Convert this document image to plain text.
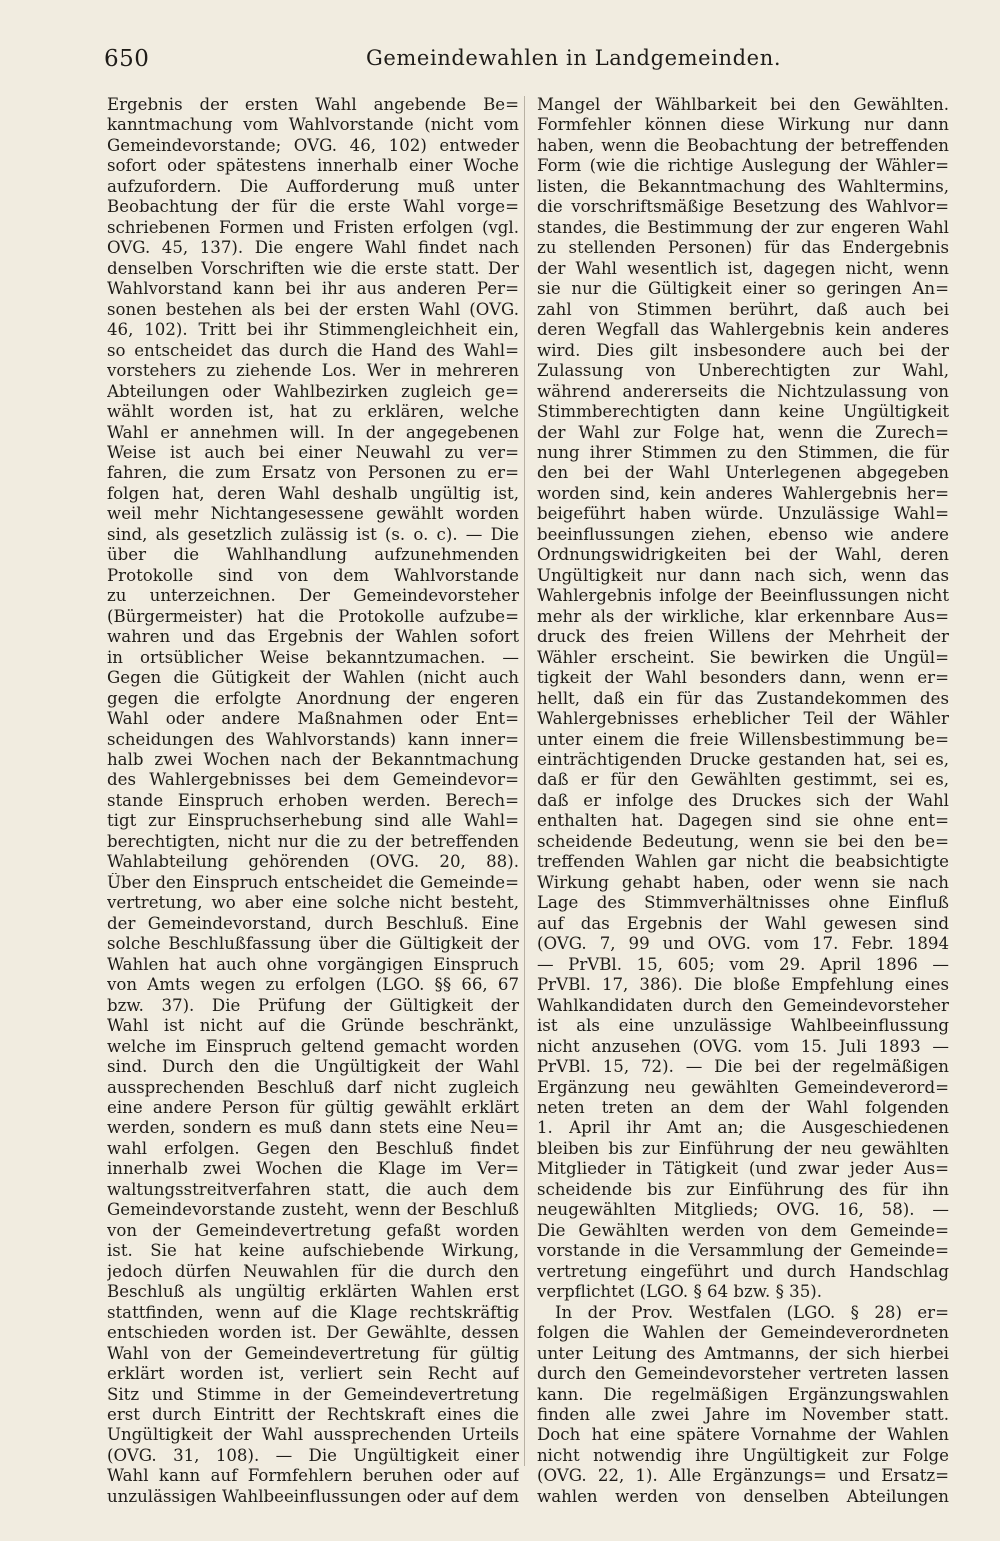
650	Gemeindewahlen in Landgemeinden.
Ergebnis der ersten Wahl angebende Be=
kanntmachung vom Wahlvorstande (nicht vom
Gemeindevorstande; OVG. 46, 102) entweder
sofort oder spätestens innerhalb einer Woche
aufzufordern. Die Aufforderung muß unter
Beobachtung der für die erste Wahl vorge=
schriebenen Formen und Fristen erfolgen (vgl.
OVG. 45, 137). Die engere Wahl findet nach
denselben Vorschriften wie die erste statt. Der
Wahlvorstand kann bei ihr aus anderen Per=
sonen bestehen als bei der ersten Wahl (OVG.
46, 102). Tritt bei ihr Stimmengleichheit ein,
so entscheidet das durch die Hand des Wahl=
vorstehers zu ziehende Los. Wer in mehreren
Abteilungen oder Wahlbezirken zugleich ge=
wählt worden ist, hat zu erklären, welche
Wahl er annehmen will. In der angegebenen
Weise ist auch bei einer Neuwahl zu ver=
fahren, die zum Ersatz von Personen zu er=
folgen hat, deren Wahl deshalb ungültig ist,
weil mehr Nichtangesessene gewählt worden
sind, als gesetzlich zulässig ist (s. o. c). — Die
über die Wahlhandlung aufzunehmenden
Protokolle sind von dem Wahlvorstande
zu unterzeichnen. Der Gemeindevorsteher
(Bürgermeister) hat die Protokolle aufzube=
wahren und das Ergebnis der Wahlen sofort
in ortsüblicher Weise bekanntzumachen. —
Gegen die Gütigkeit der Wahlen (nicht auch
gegen die erfolgte Anordnung der engeren
Wahl oder andere Maßnahmen oder Ent=
scheidungen des Wahlvorstands) kann inner=
halb zwei Wochen nach der Bekanntmachung
des Wahlergebnisses bei dem Gemeindevor=
stande Einspruch erhoben werden. Berech=
tigt zur Einspruchserhebung sind alle Wahl=
berechtigten, nicht nur die zu der betreffenden
Wahlabteilung gehörenden (OVG. 20, 88).
Über den Einspruch entscheidet die Gemeinde=
vertretung, wo aber eine solche nicht besteht,
der Gemeindevorstand, durch Beschluß. Eine
solche Beschlußfassung über die Gültigkeit der
Wahlen hat auch ohne vorgängigen Einspruch
von Amts wegen zu erfolgen (LGO. §§ 66, 67
bzw. 37). Die Prüfung der Gültigkeit der
Wahl ist nicht auf die Gründe beschränkt,
welche im Einspruch geltend gemacht worden
sind. Durch den die Ungültigkeit der Wahl
aussprechenden Beschluß darf nicht zugleich
eine andere Person für gültig gewählt erklärt
werden, sondern es muß dann stets eine Neu=
wahl erfolgen. Gegen den Beschluß findet
innerhalb zwei Wochen die Klage im Ver=
waltungsstreitverfahren statt, die auch dem
Gemeindevorstande zusteht, wenn der Beschluß
von der Gemeindevertretung gefaßt worden
ist. Sie hat keine aufschiebende Wirkung,
jedoch dürfen Neuwahlen für die durch den
Beschluß als ungültig erklärten Wahlen erst
stattfinden, wenn auf die Klage rechtskräftig
entschieden worden ist. Der Gewählte, dessen
Wahl von der Gemeindevertretung für gültig
erklärt worden ist, verliert sein Recht auf
Sitz und Stimme in der Gemeindevertretung
erst durch Eintritt der Rechtskraft eines die
Ungültigkeit der Wahl aussprechenden Urteils
(OVG. 31, 108). — Die Ungültigkeit einer
Wahl kann auf Formfehlern beruhen oder auf
unzulässigen Wahlbeeinflussungen oder auf dem
Mangel der Wählbarkeit bei den Gewählten.
Formfehler können diese Wirkung nur dann
haben, wenn die Beobachtung der betreffenden
Form (wie die richtige Auslegung der Wähler=
listen, die Bekanntmachung des Wahltermins,
die vorschriftsmäßige Besetzung des Wahlvor=
standes, die Bestimmung der zur engeren Wahl
zu stellenden Personen) für das Endergebnis
der Wahl wesentlich ist, dagegen nicht, wenn
sie nur die Gültigkeit einer so geringen An=
zahl von Stimmen berührt, daß auch bei
deren Wegfall das Wahlergebnis kein anderes
wird. Dies gilt insbesondere auch bei der
Zulassung von Unberechtigten zur Wahl,
während andererseits die Nichtzulassung von
Stimmberechtigten dann keine Ungültigkeit
der Wahl zur Folge hat, wenn die Zurech=
nung ihrer Stimmen zu den Stimmen, die für
den bei der Wahl Unterlegenen abgegeben
worden sind, kein anderes Wahlergebnis her=
beigeführt haben würde. Unzulässige Wahl=
beeinflussungen ziehen, ebenso wie andere
Ordnungswidrigkeiten bei der Wahl, deren
Ungültigkeit nur dann nach sich, wenn das
Wahlergebnis infolge der Beeinflussungen nicht
mehr als der wirkliche, klar erkennbare Aus=
druck des freien Willens der Mehrheit der
Wähler erscheint. Sie bewirken die Ungül=
tigkeit der Wahl besonders dann, wenn er=
hellt, daß ein für das Zustandekommen des
Wahlergebnisses erheblicher Teil der Wähler
unter einem die freie Willensbestimmung be=
einträchtigenden Drucke gestanden hat, sei es,
daß er für den Gewählten gestimmt, sei es,
daß er infolge des Druckes sich der Wahl
enthalten hat. Dagegen sind sie ohne ent=
scheidende Bedeutung, wenn sie bei den be=
treffenden Wahlen gar nicht die beabsichtigte
Wirkung gehabt haben, oder wenn sie nach
Lage des Stimmverhältnisses ohne Einfluß
auf das Ergebnis der Wahl gewesen sind
(OVG. 7, 99 und OVG. vom 17. Febr. 1894
— PrVBl. 15, 605; vom 29. April 1896 —
PrVBl. 17, 386). Die bloße Empfehlung eines
Wahlkandidaten durch den Gemeindevorsteher
ist als eine unzulässige Wahlbeeinflussung
nicht anzusehen (OVG. vom 15. Juli 1893 —
PrVBl. 15, 72). — Die bei der regelmäßigen
Ergänzung neu gewählten Gemeindeverord=
neten treten an dem der Wahl folgenden
1. April ihr Amt an; die Ausgeschiedenen
bleiben bis zur Einführung der neu gewählten
Mitglieder in Tätigkeit (und zwar jeder Aus=
scheidende bis zur Einführung des für ihn
neugewählten Mitglieds; OVG. 16, 58). —
Die Gewählten werden von dem Gemeinde=
vorstande in die Versammlung der Gemeinde=
vertretung eingeführt und durch Handschlag
verpflichtet (LGO. § 64 bzw. § 35).
In der Prov. Westfalen (LGO. § 28) er=
folgen die Wahlen der Gemeindeverordneten
unter Leitung des Amtmanns, der sich hierbei
durch den Gemeindevorsteher vertreten lassen
kann. Die regelmäßigen Ergänzungswahlen
finden alle zwei Jahre im November statt.
Doch hat eine spätere Vornahme der Wahlen
nicht notwendig ihre Ungültigkeit zur Folge
(OVG. 22, 1). Alle Ergänzungs= und Ersatz=
wahlen werden von denselben Abteilungen
